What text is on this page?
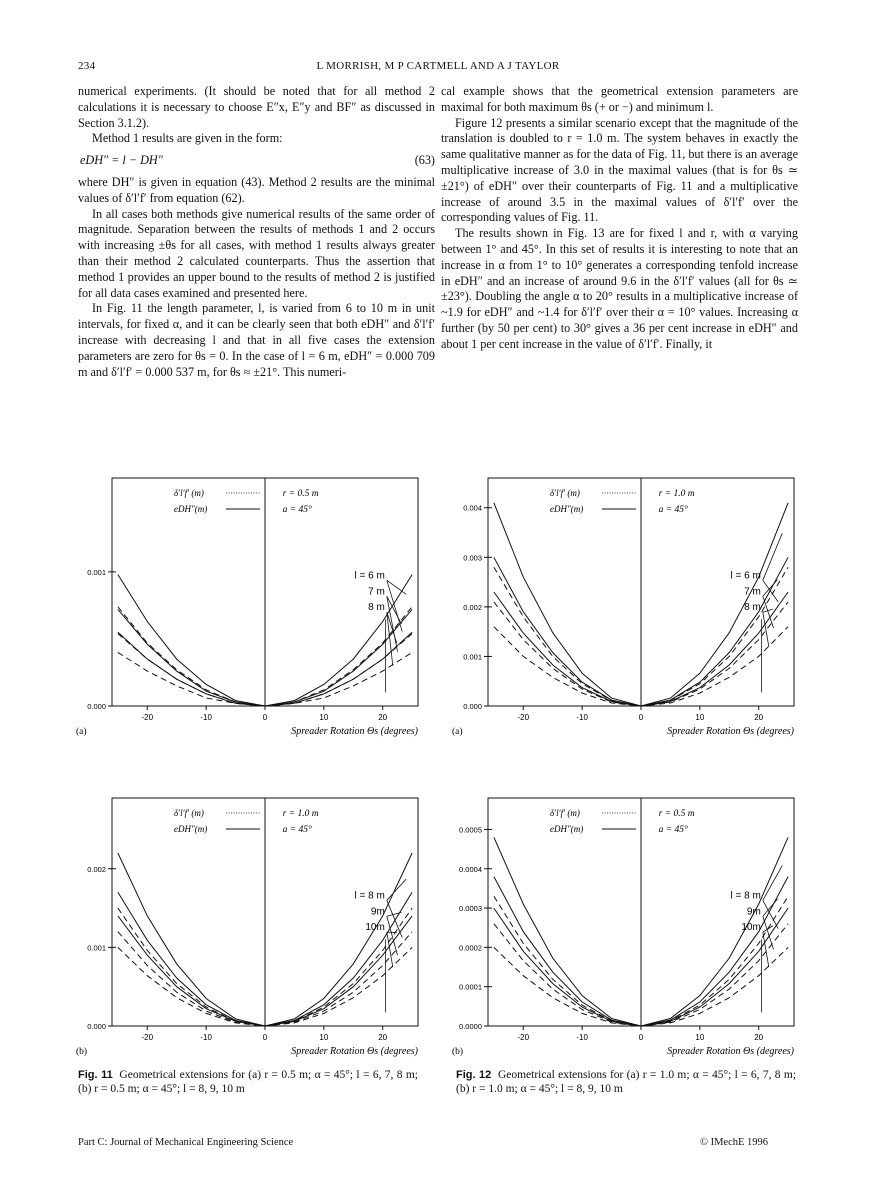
234	L MORRISH, M P CARTMELL AND A J TAYLOR

numerical experiments. (It should be noted that for all method 2 calculations it is necessary to choose E″x, E″y and BF″ as discussed in Section 3.1.2).

Method 1 results are given in the form:

eDH″ = l − DH″	(63)

where DH″ is given in equation (43). Method 2 results are the minimal values of δ′l′f′ from equation (62).

In all cases both methods give numerical results of the same order of magnitude. Separation between the results of methods 1 and 2 occurs with increasing ±θs for all cases, with method 1 results always greater than their method 2 calculated counterparts. Thus the assertion that method 1 provides an upper bound to the results of method 2 is justified for all data cases examined and presented here.

In Fig. 11 the length parameter, l, is varied from 6 to 10 m in unit intervals, for fixed α, and it can be clearly seen that both eDH″ and δ′l′f′ increase with decreasing l and that in all five cases the extension parameters are zero for θs = 0. In the case of l = 6 m, eDH″ = 0.000 709 m and δ′l′f′ = 0.000 537 m, for θs ≈ ±21°. This numeri-

cal example shows that the geometrical extension parameters are maximal for both maximum θs (+ or −) and minimum l.

Figure 12 presents a similar scenario except that the magnitude of the translation is doubled to r = 1.0 m. The system behaves in exactly the same qualitative manner as for the data of Fig. 11, but there is an average multiplicative increase of 3.0 in the maximal values (that is for θs ≃ ±21°) of eDH″ over their counterparts of Fig. 11 and a multiplicative increase of around 3.5 in the maximal values of δ′l′f′ over the corresponding values of Fig. 11.

The results shown in Fig. 13 are for fixed l and r, with α varying between 1° and 45°. In this set of results it is interesting to note that an increase in α from 1° to 10° generates a corresponding tenfold increase in eDH″ and an increase of around 9.6 in the δ′l′f′ values (all for θs ≃ ±23°). Doubling the angle α to 20° results in a multiplicative increase of ~1.9 for eDH″ and ~1.4 for δ′l′f′ over their α = 10° values. Increasing α further (by 50 per cent) to 30° gives a 36 per cent increase in eDH″ and about 1 per cent increase in the value of δ′l′f′. Finally, it

-20	-10	0	10	20
0.000
0.001	l = 6 m
7 m
8 m
δ′l′f′ (m)
eDH″(m)
r = 0.5 m
a = 45°
Spreader Rotation Θs (degrees)
(a)
-20	-10	0	10	20
0.000
0.001
0.002
0.003
0.004
l = 6 m
7 m
8 m
δ′l′f′ (m)
eDH″(m)
r = 1.0 m
a = 45°
Spreader Rotation Θs (degrees)
(a)
-20	-10	0	10	20
0.000
0.001
0.002
l = 8 m
9m
10m
δ′l′f′ (m)
eDH″(m)
r = 1.0 m
a = 45°
Spreader Rotation Θs (degrees)
(b)
-20	-10	0	10	20
0.0000
0.0001
0.0002
0.0003
0.0004
0.0005
l = 8 m
9m
10m
δ′l′f′ (m)
eDH″(m)
r = 0.5 m
a = 45°
Spreader Rotation Θs (degrees)
(b)
Fig. 11 Geometrical extensions for (a) r = 0.5 m; α = 45°; l = 6, 7, 8 m; (b) r = 0.5 m; α = 45°; l = 8, 9, 10 m
Fig. 12 Geometrical extensions for (a) r = 1.0 m; α = 45°; l = 6, 7, 8 m; (b) r = 1.0 m; α = 45°; l = 8, 9, 10 m
Part C: Journal of Mechanical Engineering Science	© IMechE 1996
